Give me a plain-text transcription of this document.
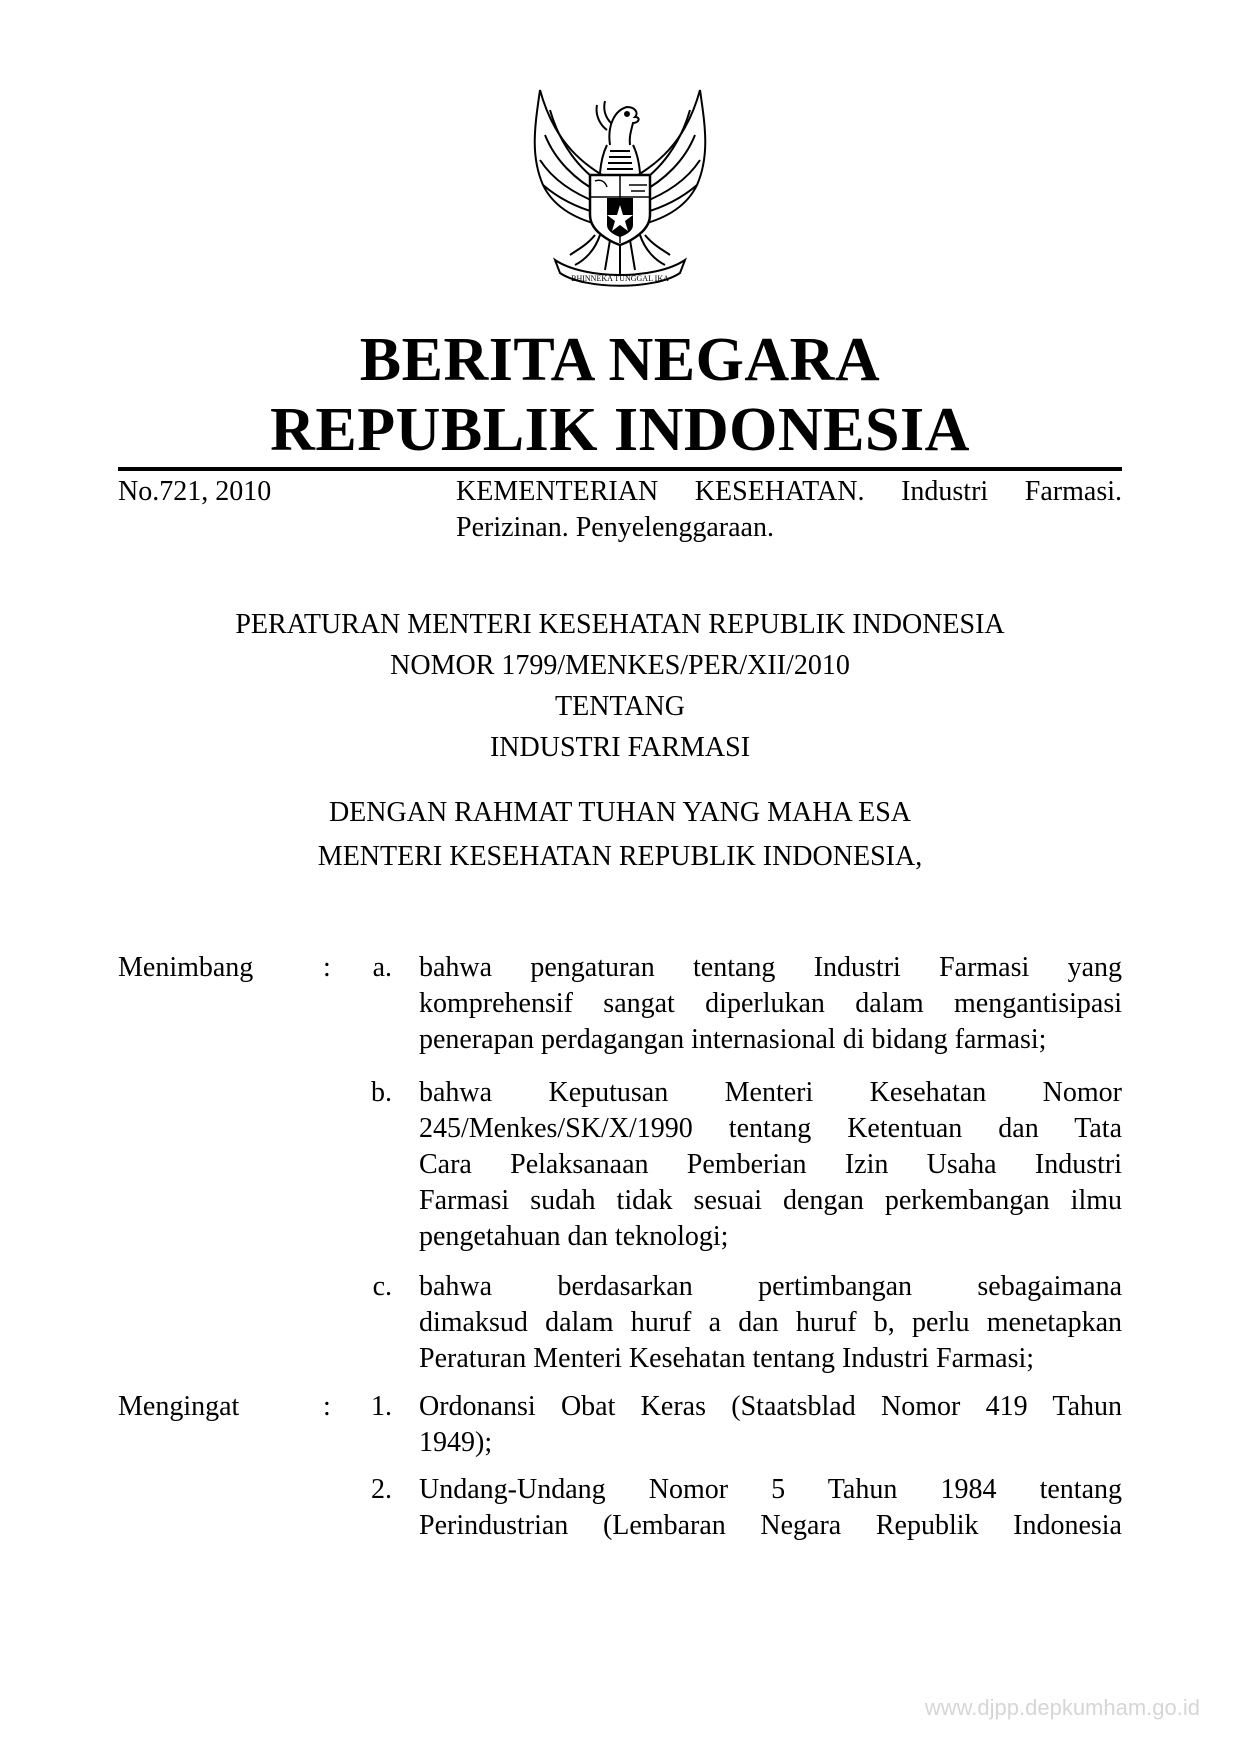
BHINNEKA TUNGGAL IKA
BERITA NEGARA
REPUBLIK INDONESIA
No.721, 2010	KEMENTERIAN KESEHATAN. Industri Farmasi.
Perizinan. Penyelenggaraan.
PERATURAN MENTERI KESEHATAN REPUBLIK INDONESIA
NOMOR 1799/MENKES/PER/XII/2010
TENTANG
INDUSTRI FARMASI
DENGAN RAHMAT TUHAN YANG MAHA ESA
MENTERI KESEHATAN REPUBLIK INDONESIA,
Menimbang :	a. bahwa pengaturan tentang Industri Farmasi yang
komprehensif sangat diperlukan dalam mengantisipasi
penerapan perdagangan internasional di bidang farmasi;
b. bahwa Keputusan Menteri Kesehatan Nomor
245/Menkes/SK/X/1990 tentang Ketentuan dan Tata
Cara Pelaksanaan Pemberian Izin Usaha Industri
Farmasi sudah tidak sesuai dengan perkembangan ilmu
pengetahuan dan teknologi;
c. bahwa berdasarkan pertimbangan sebagaimana
dimaksud dalam huruf a dan huruf b, perlu menetapkan
Peraturan Menteri Kesehatan tentang Industri Farmasi;
Mengingat	:	1. Ordonansi Obat Keras (Staatsblad Nomor 419 Tahun
1949);
2. Undang-Undang Nomor 5 Tahun 1984 tentang
Perindustrian (Lembaran Negara Republik Indonesia
www.djpp.depkumham.go.id
